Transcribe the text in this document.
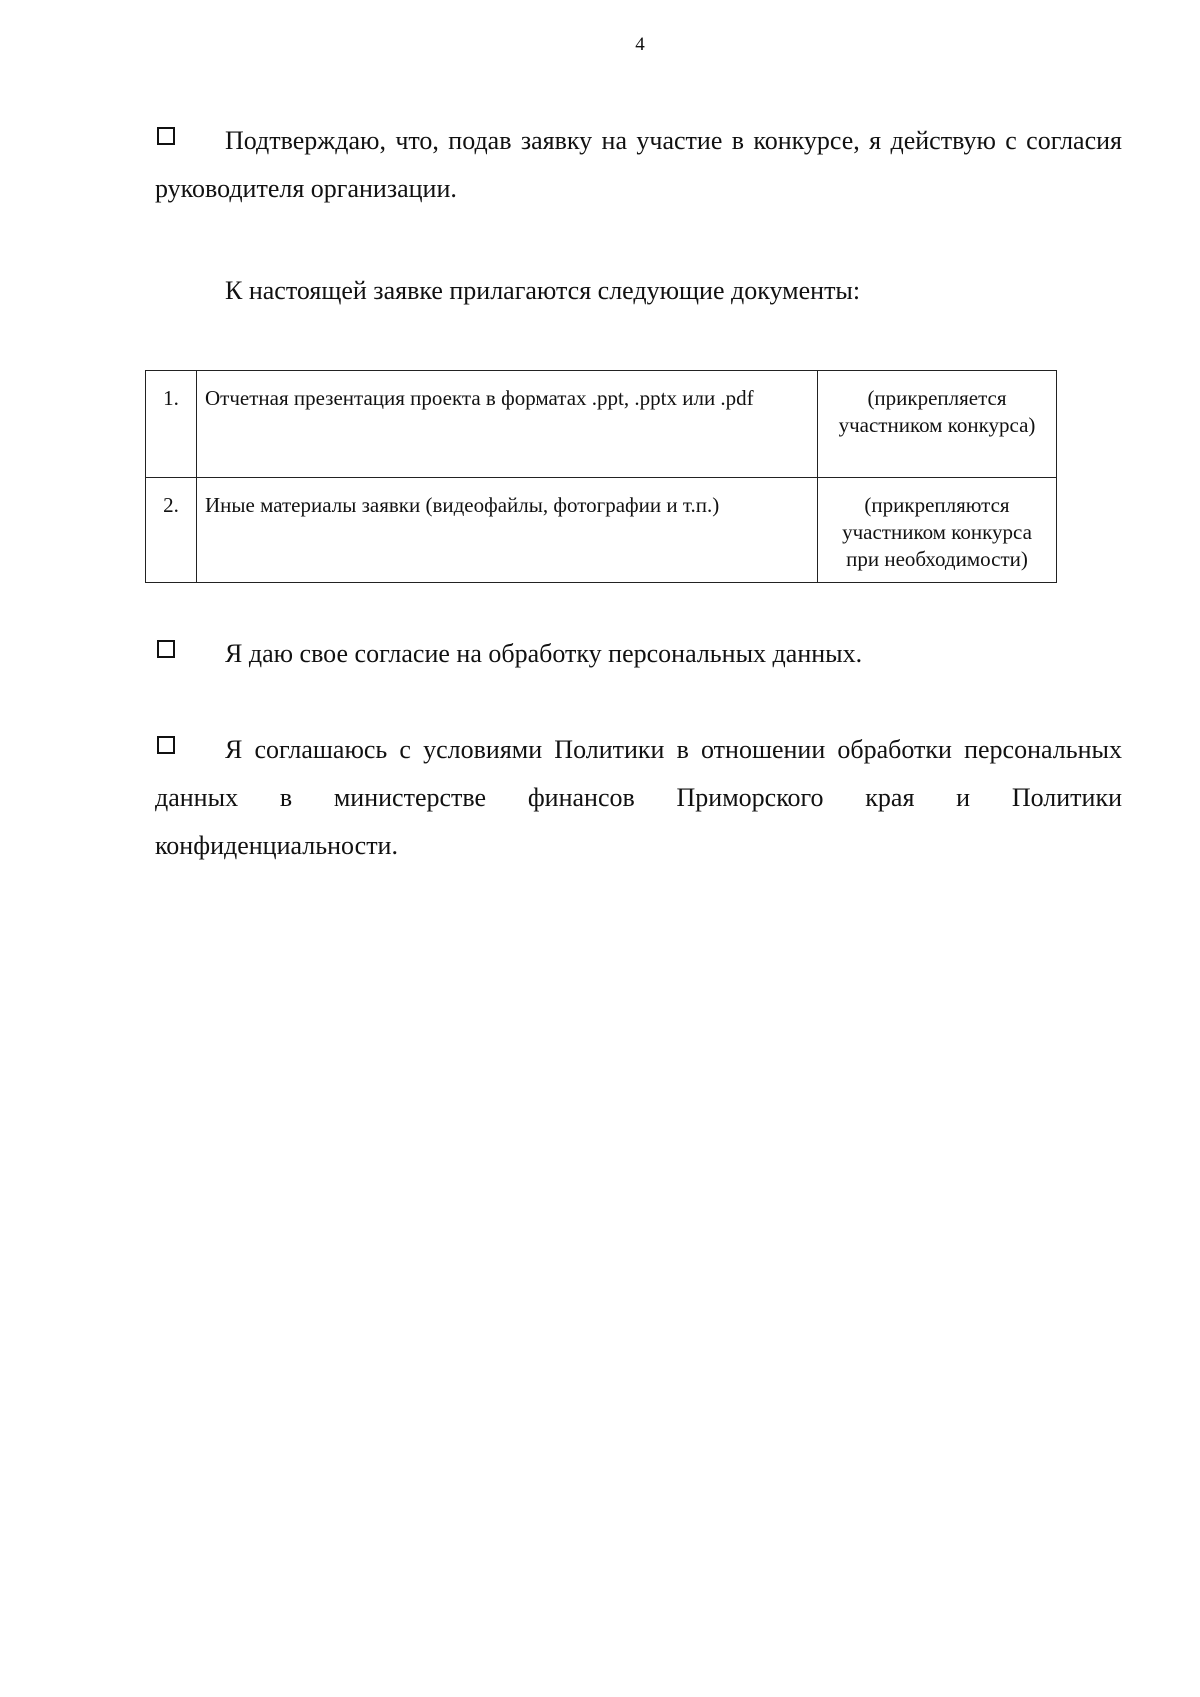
4

Подтверждаю, что, подав заявку на участие в конкурсе, я действую с согласия руководителя организации.

К настоящей заявке прилагаются следующие документы:

1.	Отчетная презентация проекта в форматах .ppt, .pptx или .pdf	(прикрепляется участником конкурса)
2.	Иные материалы заявки (видеофайлы, фотографии и т.п.)	(прикрепляются участником конкурса при необходимости)

Я даю свое согласие на обработку персональных данных.

Я соглашаюсь с условиями Политики в отношении обработки персональных данных в министерстве финансов Приморского края и Политики конфиденциальности.
